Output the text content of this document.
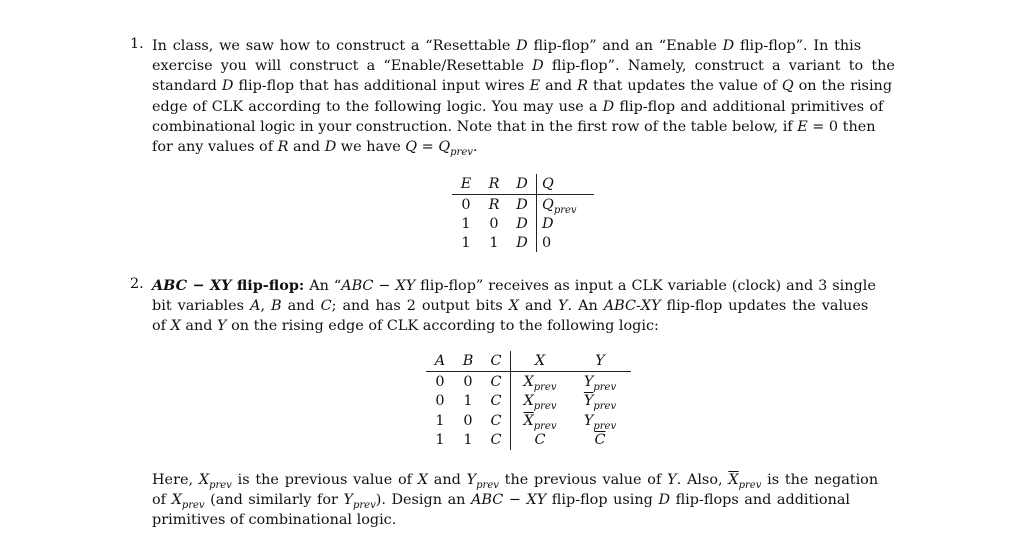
1. In class, we saw how to construct a “Resettable D flip-flop” and an “Enable D flip-flop”. In this
exercise you will construct a “Enable/Resettable D flip-flop”. Namely, construct a variant to the
standard D flip-flop that has additional input wires E and R that updates the value of Q on the rising
edge of CLK according to the following logic. You may use a D flip-flop and additional primitives of
combinational logic in your construction. Note that in the first row of the table below, if E = 0 then
for any values of R and D we have $Q = Q_{prev}$.
E	R	D	Q
0	R	D	$Q_{prev}$
1	0	D	D
1	1	D	0
2. ABC − XY flip-flop: An “ABC − XY flip-flop” receives as input a CLK variable (clock) and 3 single
bit variables A, B and C; and has 2 output bits X and Y. An ABC-XY flip-flop updates the values
of X and Y on the rising edge of CLK according to the following logic:
A	B	C	X	Y
0	0	C	$X_{prev}$	$Y_{prev}$
0	1	C	$X_{prev}$	$\overline{Y}_{prev}$
1	0	C	$\overline{X}_{prev}$	$Y_{prev}$
1	1	C	C	$\overline{C}$
Here, $X_{prev}$ is the previous value of X and $Y_{prev}$ the previous value of Y. Also, $\overline{X}_{prev}$ is the negation
of $X_{prev}$ (and similarly for $Y_{prev}$). Design an ABC − XY flip-flop using D flip-flops and additional
primitives of combinational logic.
